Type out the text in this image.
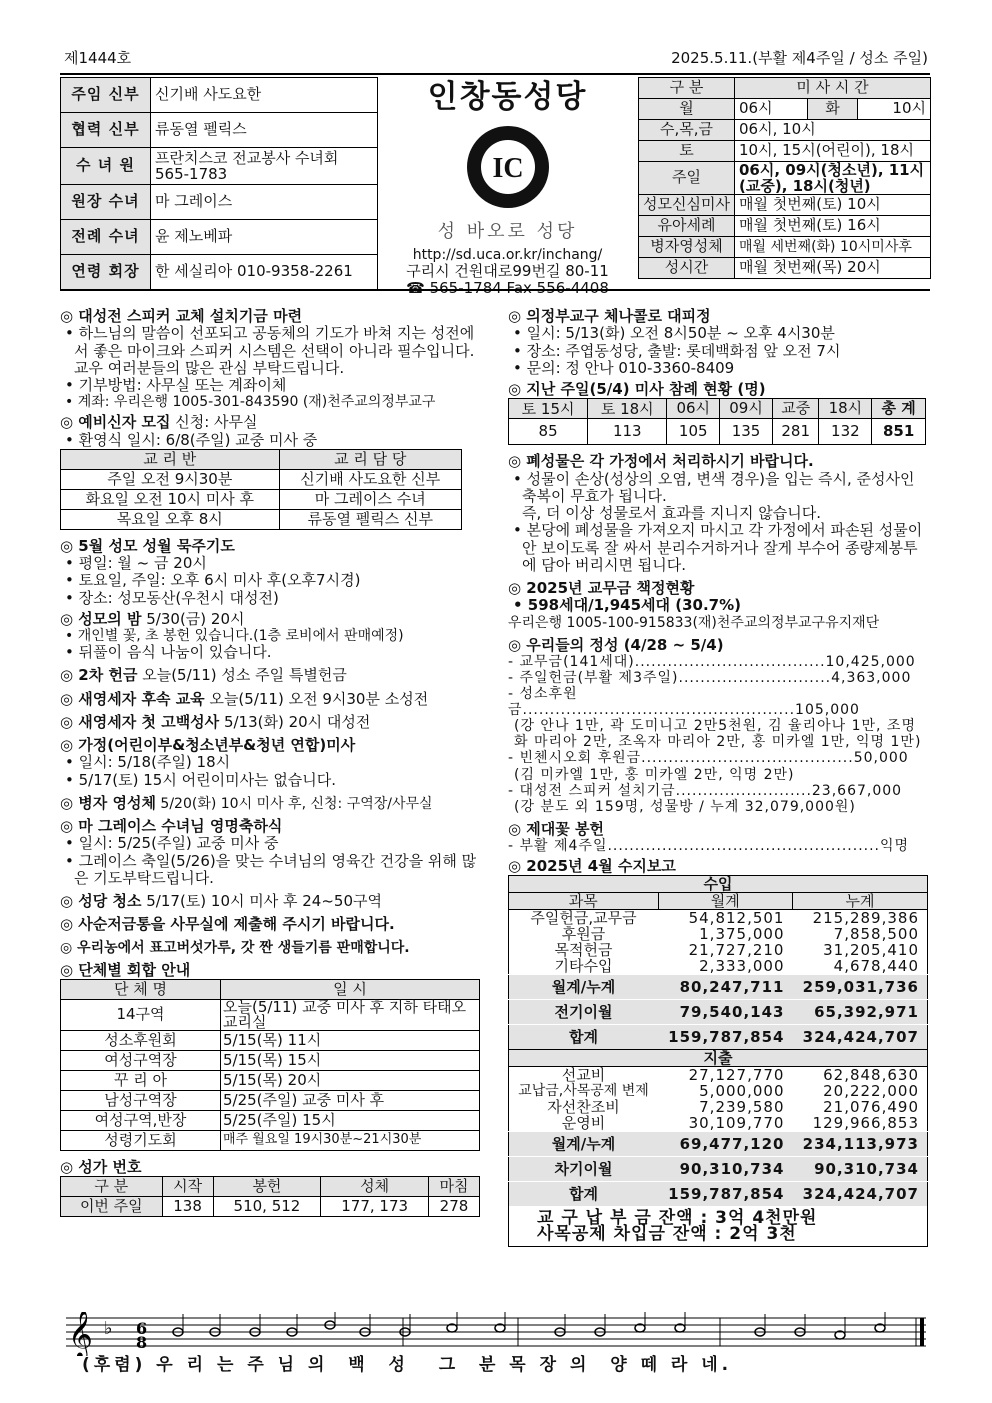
제1444호	2025.5.11.(부활 제4주일 / 성소 주일)
주임 신부	신기배 사도요한
협력 신부	류동열 펠릭스
수 녀 원	프란치스코 전교봉사 수녀회 565-1783
원장 수녀	마 그레이스
전례 수녀	윤 제노베파
연령 회장	한 세실리아 010-9358-2261
인창동성당
IC
성 바오로 성당
http://sd.uca.or.kr/inchang/
구리시 건원대로99번길 80-11
☎ 565-1784 Fax 556-4408
구 분	미 사 시 간		
월	06시	화	10시
수,목,금	06시, 10시		
토	10시, 15시(어린이), 18시		
주일	06시, 09시(청소년), 11시(교중), 18시(청년)		
성모신심미사	매월 첫번째(토) 10시		
유아세례	매월 첫번째(토) 16시		
병자영성체	매월 세번째(화) 10시미사후		
성시간	매월 첫번째(목) 20시		
◎ 대성전 스피커 교체 설치기금 마련
• 하느님의 말씀이 선포되고 공동체의 기도가 바쳐 지는 성전에서 좋은 마이크와 스피커 시스템은 선택이 아니라 필수입니다. 교우 여러분들의 많은 관심 부탁드립니다.
• 기부방법: 사무실 또는 계좌이체
• 계좌: 우리은행 1005-301-843590 (재)천주교의정부교구
◎ 예비신자 모집 신청: 사무실
• 환영식 일시: 6/8(주일) 교중 미사 중
교 리 반	교 리 담 당
주일 오전 9시30분	신기배 사도요한 신부
화요일 오전 10시 미사 후	마 그레이스 수녀
목요일 오후 8시	류동열 펠릭스 신부
◎ 5월 성모 성월 묵주기도
• 평일: 월 ~ 금 20시
• 토요일, 주일: 오후 6시 미사 후(오후7시경)
• 장소: 성모동산(우천시 대성전)
◎ 성모의 밤 5/30(금) 20시
• 개인별 꽃, 초 봉헌 있습니다.(1층 로비에서 판매예정)
• 뒤풀이 음식 나눔이 있습니다.
◎ 2차 헌금 오늘(5/11) 성소 주일 특별헌금
◎ 새영세자 후속 교육 오늘(5/11) 오전 9시30분 소성전
◎ 새영세자 첫 고백성사 5/13(화) 20시 대성전
◎ 가정(어린이부&청소년부&청년 연합)미사
• 일시: 5/18(주일) 18시
• 5/17(토) 15시 어린이미사는 없습니다.
◎ 병자 영성체 5/20(화) 10시 미사 후, 신청: 구역장/사무실
◎ 마 그레이스 수녀님 영명축하식
• 일시: 5/25(주일) 교중 미사 중
• 그레이스 축일(5/26)을 맞는 수녀님의 영육간 건강을 위해 많은 기도부탁드립니다.
◎ 성당 청소 5/17(토) 10시 미사 후 24~50구역
◎ 사순저금통을 사무실에 제출해 주시기 바랍니다.
◎ 우리농에서 표고버섯가루, 갓 짠 생들기름 판매합니다.
◎ 단체별 회합 안내
단 체 명	일 시
14구역	오늘(5/11) 교중 미사 후 지하 타태오교리실
성소후원회	5/15(목) 11시
여성구역장	5/15(목) 15시
꾸 리 아	5/15(목) 20시
남성구역장	5/25(주일) 교중 미사 후
여성구역,반장	5/25(주일) 15시
성령기도회	매주 월요일 19시30분~21시30분
◎ 성가 번호
구 분	시작	봉헌	성체	마침
이번 주일	138	510, 512	177, 173	278
◎ 의정부교구 체나콜로 대피정
• 일시: 5/13(화) 오전 8시50분 ~ 오후 4시30분
• 장소: 주엽동성당, 출발: 롯데백화점 앞 오전 7시
• 문의: 정 안나 010-3360-8409
◎ 지난 주일(5/4) 미사 참례 현황 (명)
토 15시	토 18시	06시	09시	교중	18시	총 계
85	113	105	135	281	132	851
◎ 폐성물은 각 가정에서 처리하시기 바랍니다.
• 성물이 손상(성상의 오염, 변색 경우)을 입는 즉시, 준성사인 축복이 무효가 됩니다.
즉, 더 이상 성물로서 효과를 지니지 않습니다.
• 본당에 폐성물을 가져오지 마시고 각 가정에서 파손된 성물이 안 보이도록 잘 싸서 분리수거하거나 잘게 부수어 종량제봉투에 담아 버리시면 됩니다.
◎ 2025년 교무금 책정현황
• 598세대/1,945세대 (30.7%)
우리은행 1005-100-915833(재)천주교의정부교구유지재단
◎ 우리들의 정성 (4/28 ~ 5/4)
- 교무금(141세대)...................................10,425,000
- 주일헌금(부활 제3주일)............................4,363,000
- 성소후원금..................................................105,000
(강 안나 1만, 곽 도미니고 2만5천원, 김 율리아나 1만, 조명화 마리아 2만, 조옥자 마리아 2만, 홍 미카엘 1만, 익명 1만)
- 빈첸시오회 후원금.......................................50,000
(김 미카엘 1만, 홍 미카엘 2만, 익명 2만)
- 대성전 스피커 설치기금.........................23,667,000
(강 분도 외 159명, 성물방 / 누계 32,079,000원)
◎ 제대꽃 봉헌
- 부활 제4주일..................................................익명
◎ 2025년 4월 수지보고
수입		
과목	월계	누계
주일헌금,교무금	54,812,501	215,289,386
후원금	1,375,000	7,858,500
목적헌금	21,727,210	31,205,410
기타수입	2,333,000	4,678,440
월계/누계	80,247,711	259,031,736
전기이월	79,540,143	65,392,971
합계	159,787,854	324,424,707
지출		
선교비	27,127,770	62,848,630
교납금,사목공제 변제	5,000,000	20,222,000
자선찬조비	7,239,580	21,076,490
운영비	30,109,770	129,966,853
월계/누계	69,477,120	234,113,973
차기이월	90,310,734	90,310,734
합계	159,787,854	324,424,707
교 구 납 부 금 잔액 : 3억 4천만원		
사목공제 차입금 잔액 : 2억 3천		
𝄞 ♭ 6
8
(후렴) 우 리 는 주 님 의  백  성   그  분 목 장 의  양 떼 라 네.
